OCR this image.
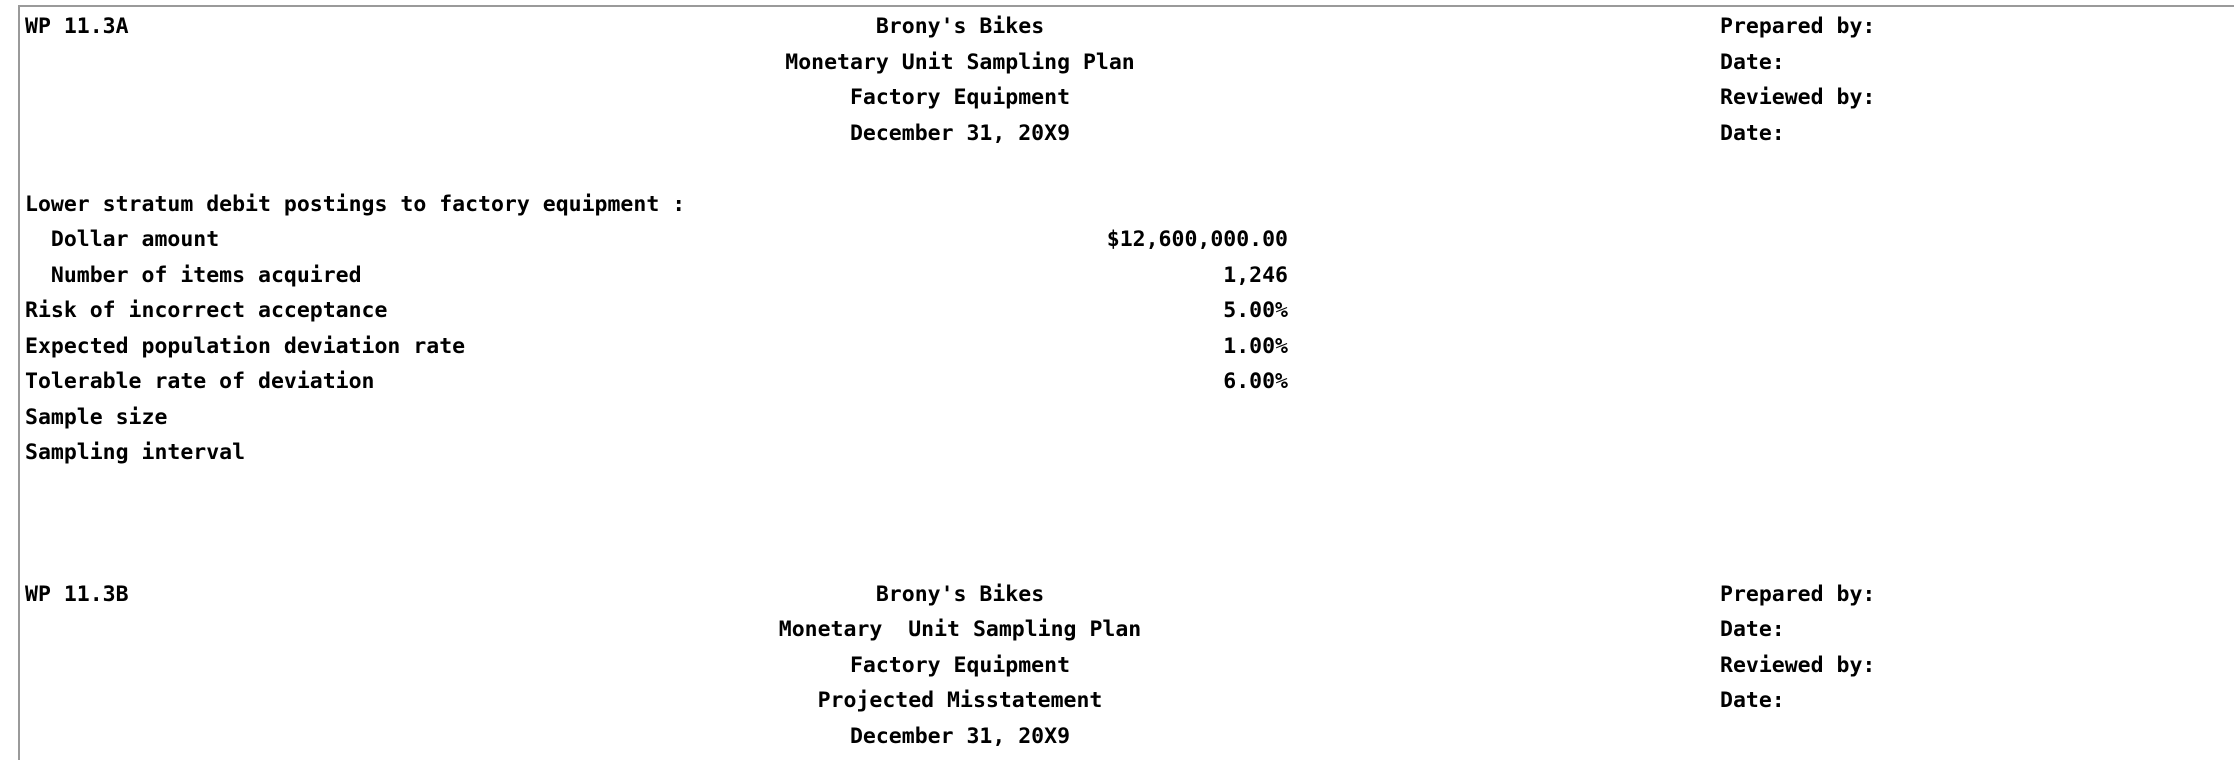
WP 11.3A	Brony's Bikes
Monetary Unit Sampling Plan
Factory Equipment
December 31, 20X9
Prepared by:
Date:
Reviewed by:
Date:
Lower stratum debit postings to factory equipment :
Dollar amount	$12,600,000.00
Number of items acquired	1,246
Risk of incorrect acceptance	5.00%
Expected population deviation rate	1.00%
Tolerable rate of deviation	6.00%
Sample size
Sampling interval
WP 11.3B	Brony's Bikes
Monetary  Unit Sampling Plan
Factory Equipment
Projected Misstatement
December 31, 20X9
Prepared by:
Date:
Reviewed by:
Date:
